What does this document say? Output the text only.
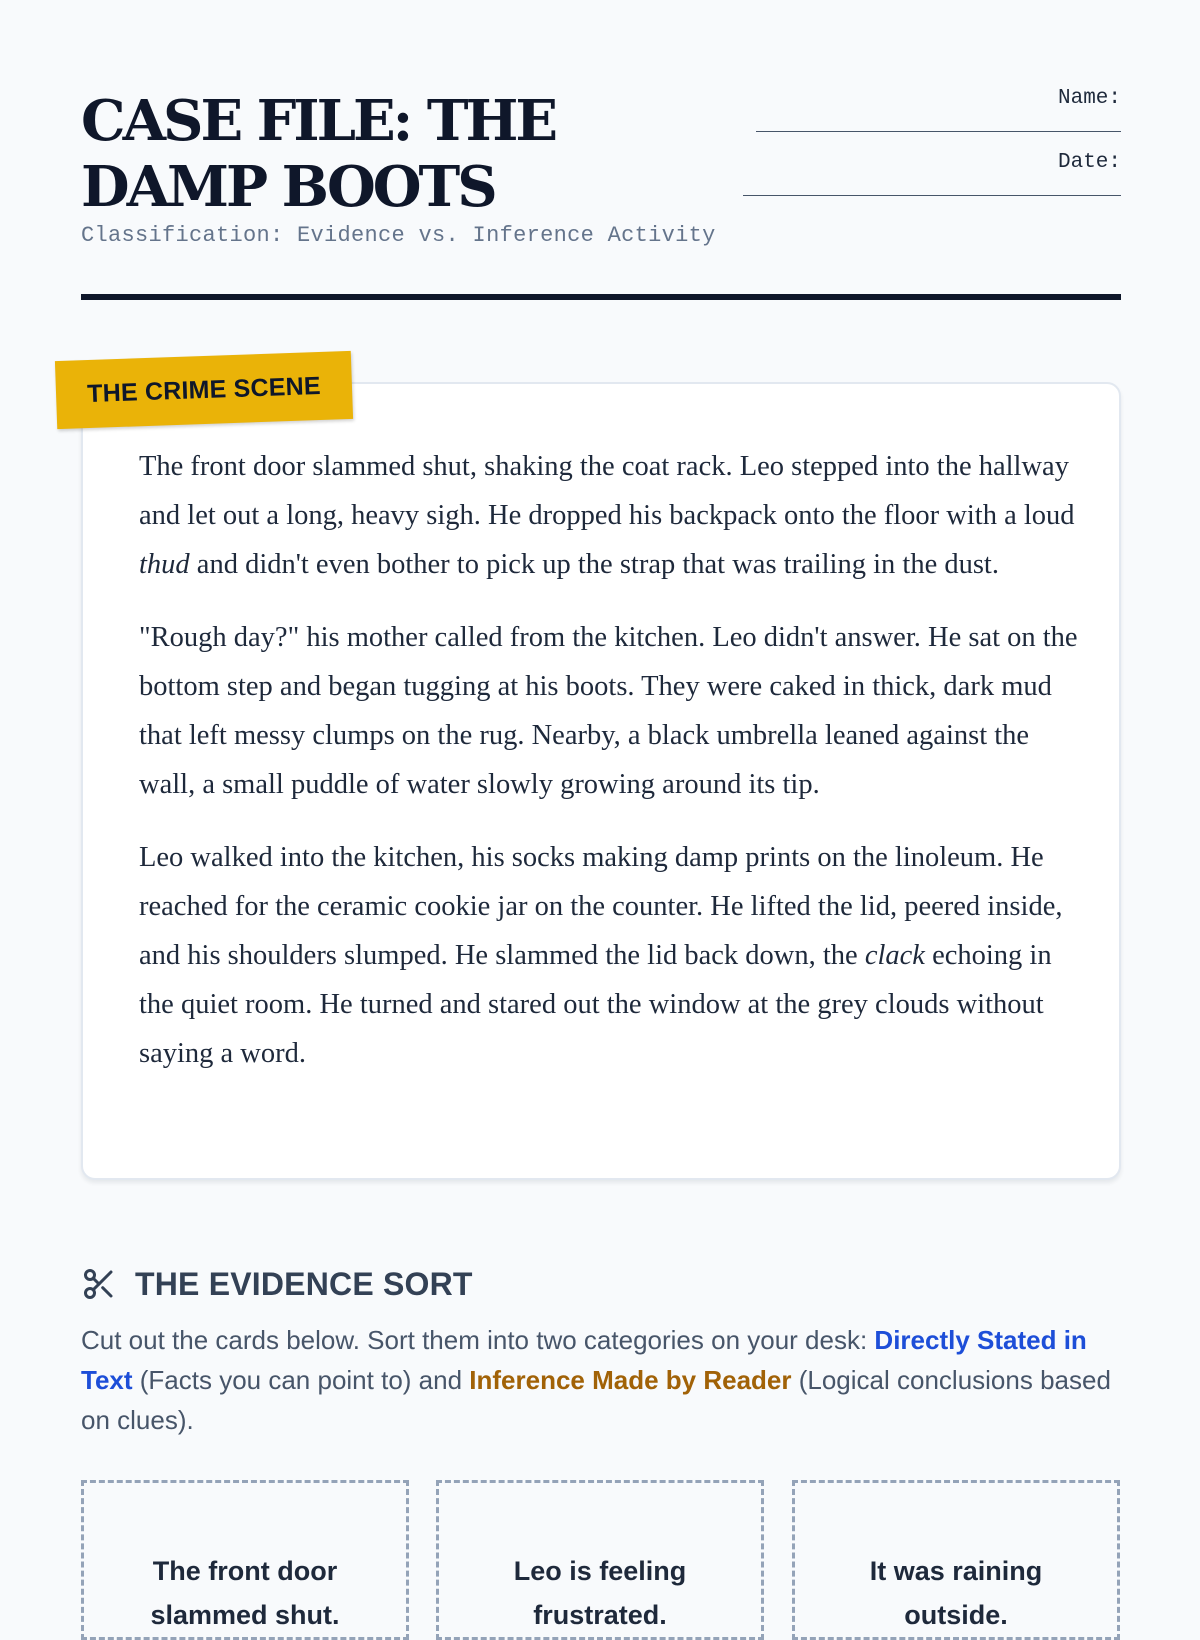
CASE FILE: THE DAMP BOOTS
Classification: Evidence vs. Inference Activity
Name:
Date:
THE CRIME SCENE

The front door slammed shut, shaking the coat rack. Leo stepped into the hallway and let out a long, heavy sigh. He dropped his backpack onto the floor with a loud thud and didn't even bother to pick up the strap that was trailing in the dust.

"Rough day?" his mother called from the kitchen. Leo didn't answer. He sat on the bottom step and began tugging at his boots. They were caked in thick, dark mud that left messy clumps on the rug. Nearby, a black umbrella leaned against the wall, a small puddle of water slowly growing around its tip.

Leo walked into the kitchen, his socks making damp prints on the linoleum. He reached for the ceramic cookie jar on the counter. He lifted the lid, peered inside, and his shoulders slumped. He slammed the lid back down, the clack echoing in the quiet room. He turned and stared out the window at the grey clouds without saying a word.

THE EVIDENCE SORT

Cut out the cards below. Sort them into two categories on your desk: Directly Stated in Text (Facts you can point to) and Inference Made by Reader (Logical conclusions based on clues).

The front door slammed shut.
Leo is feeling frustrated.
It was raining outside.
